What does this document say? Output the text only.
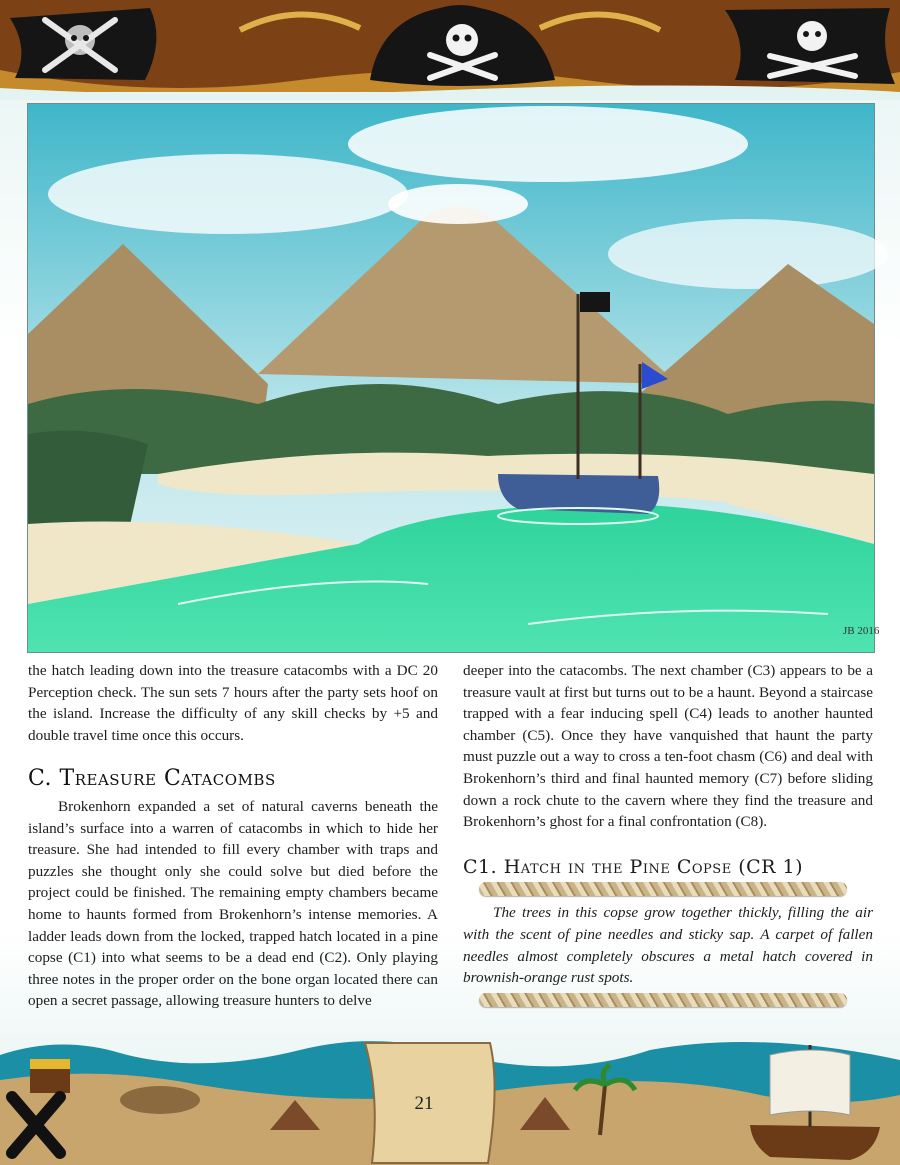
JB 2016

the hatch leading down into the treasure catacombs with a DC 20 Perception check. The sun sets 7 hours after the party sets hoof on the island. Increase the difficulty of any skill checks by +5 and double travel time once this occurs.

C. Treasure Catacombs

Brokenhorn expanded a set of natural caverns beneath the island’s surface into a warren of catacombs in which to hide her treasure. She had intended to fill every chamber with traps and puzzles she thought only she could solve but died before the project could be finished. The remaining empty chambers became home to haunts formed from Brokenhorn’s intense memories. A ladder leads down from the locked, trapped hatch located in a pine copse (C1) into what seems to be a dead end (C2). Only playing three notes in the proper order on the bone organ located there can open a secret passage, allowing treasure hunters to delve

deeper into the catacombs. The next chamber (C3) appears to be a treasure vault at first but turns out to be a haunt. Beyond a staircase trapped with a fear inducing spell (C4) leads to another haunted chamber (C5). Once they have vanquished that haunt the party must puzzle out a way to cross a ten-foot chasm (C6) and deal with Brokenhorn’s third and final haunted memory (C7) before sliding down a rock chute to the cavern where they find the treasure and Brokenhorn’s ghost for a final confrontation (C8).

C1. Hatch in the Pine Copse (CR 1)

The trees in this copse grow together thickly, filling the air with the scent of pine needles and sticky sap. A carpet of fallen needles almost completely obscures a metal hatch covered in brownish-orange rust spots.

21
